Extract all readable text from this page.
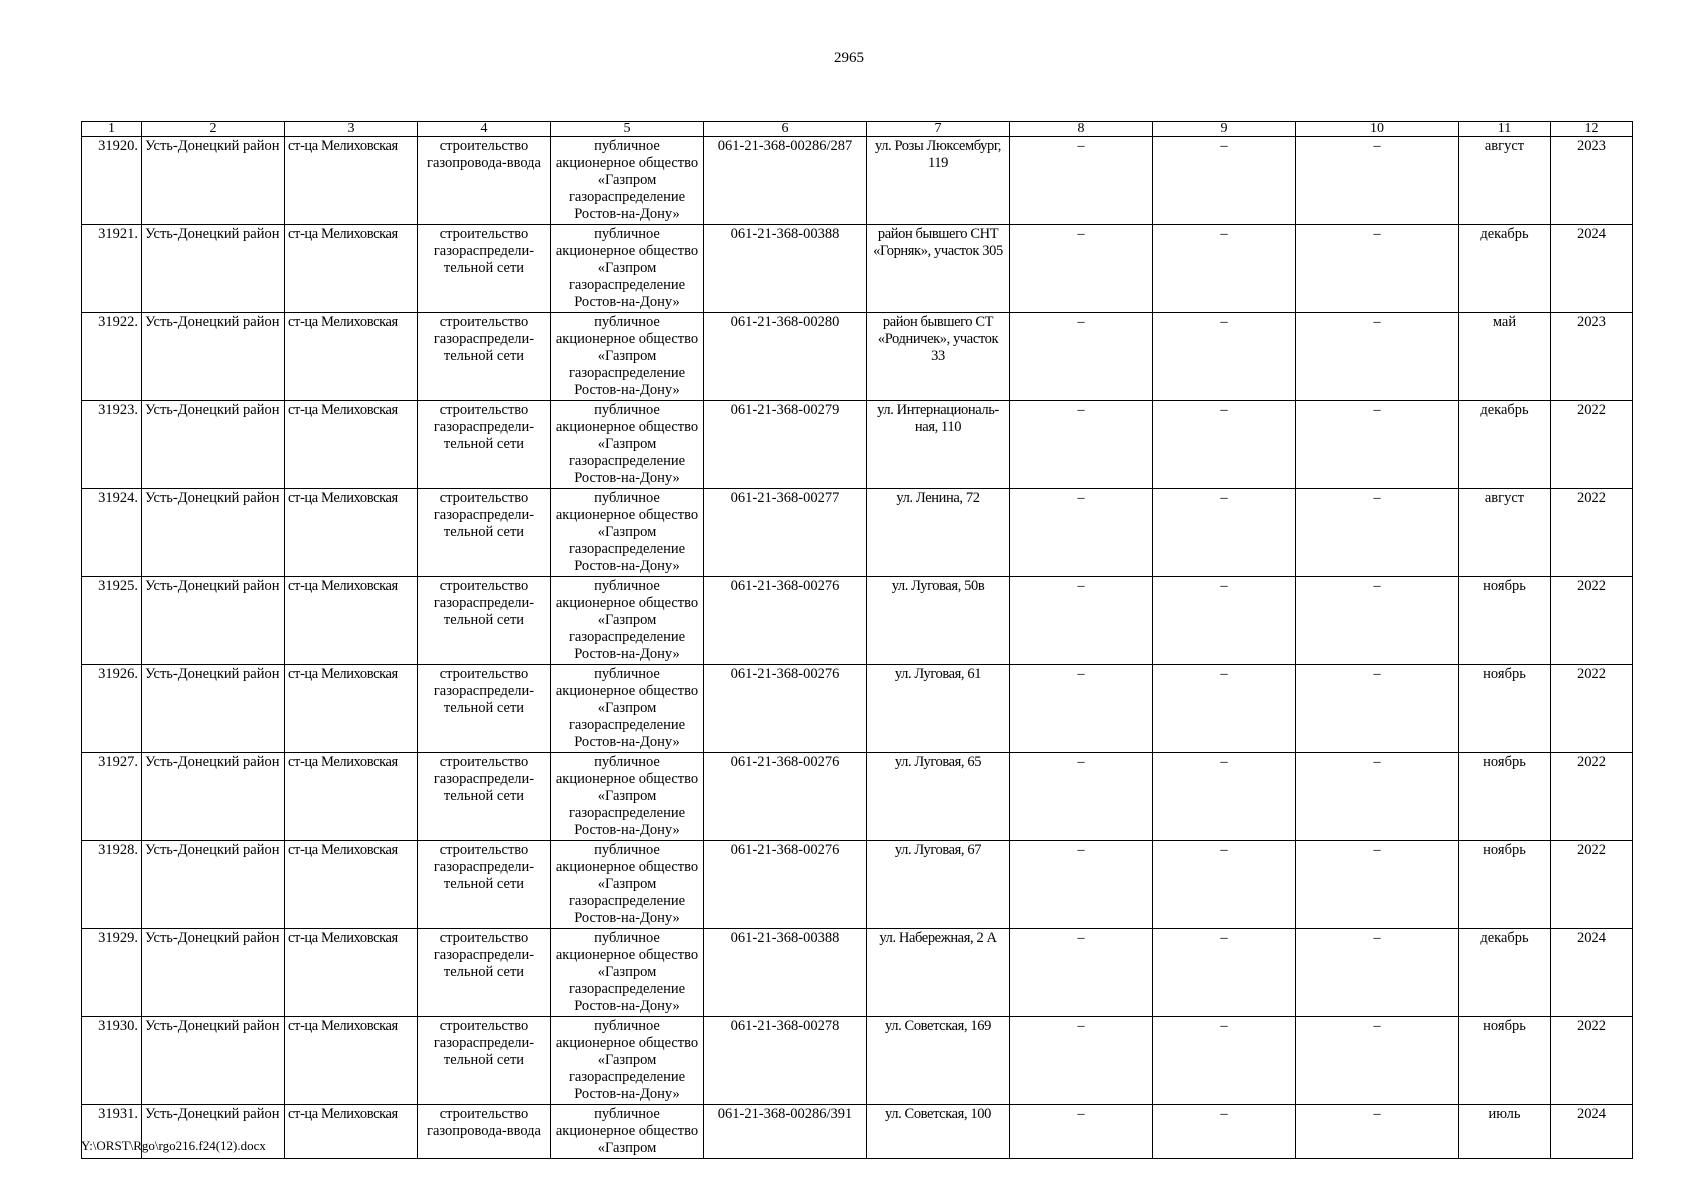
2965
1	2	3	4	5	6	7	8	9	10	11	12
31920.	Усть-Донецкий район	ст-ца Мелиховская	строительство газопровода-ввода	публичное акционерное общество «Газпром газораспределение Ростов-на-Дону»	061-21-368-00286/287	ул. Розы Люксембург, 119	–	–	–	август	2023
31921.	Усть-Донецкий район	ст-ца Мелиховская	строительство газораспредели-тельной сети	публичное акционерное общество «Газпром газораспределение Ростов-на-Дону»	061-21-368-00388	район бывшего СНТ «Горняк», участок 305	–	–	–	декабрь	2024
31922.	Усть-Донецкий район	ст-ца Мелиховская	строительство газораспредели-тельной сети	публичное акционерное общество «Газпром газораспределение Ростов-на-Дону»	061-21-368-00280	район бывшего СТ «Родничек», участок 33	–	–	–	май	2023
31923.	Усть-Донецкий район	ст-ца Мелиховская	строительство газораспредели-тельной сети	публичное акционерное общество «Газпром газораспределение Ростов-на-Дону»	061-21-368-00279	ул. Интернациональ-ная, 110	–	–	–	декабрь	2022
31924.	Усть-Донецкий район	ст-ца Мелиховская	строительство газораспредели-тельной сети	публичное акционерное общество «Газпром газораспределение Ростов-на-Дону»	061-21-368-00277	ул. Ленина, 72	–	–	–	август	2022
31925.	Усть-Донецкий район	ст-ца Мелиховская	строительство газораспредели-тельной сети	публичное акционерное общество «Газпром газораспределение Ростов-на-Дону»	061-21-368-00276	ул. Луговая, 50в	–	–	–	ноябрь	2022
31926.	Усть-Донецкий район	ст-ца Мелиховская	строительство газораспредели-тельной сети	публичное акционерное общество «Газпром газораспределение Ростов-на-Дону»	061-21-368-00276	ул. Луговая, 61	–	–	–	ноябрь	2022
31927.	Усть-Донецкий район	ст-ца Мелиховская	строительство газораспредели-тельной сети	публичное акционерное общество «Газпром газораспределение Ростов-на-Дону»	061-21-368-00276	ул. Луговая, 65	–	–	–	ноябрь	2022
31928.	Усть-Донецкий район	ст-ца Мелиховская	строительство газораспредели-тельной сети	публичное акционерное общество «Газпром газораспределение Ростов-на-Дону»	061-21-368-00276	ул. Луговая, 67	–	–	–	ноябрь	2022
31929.	Усть-Донецкий район	ст-ца Мелиховская	строительство газораспредели-тельной сети	публичное акционерное общество «Газпром газораспределение Ростов-на-Дону»	061-21-368-00388	ул. Набережная, 2 А	–	–	–	декабрь	2024
31930.	Усть-Донецкий район	ст-ца Мелиховская	строительство газораспредели-тельной сети	публичное акционерное общество «Газпром газораспределение Ростов-на-Дону»	061-21-368-00278	ул. Советская, 169	–	–	–	ноябрь	2022
31931.	Усть-Донецкий район	ст-ца Мелиховская	строительство газопровода-ввода	публичное акционерное общество «Газпром	061-21-368-00286/391	ул. Советская, 100	–	–	–	июль	2024
Y:\ORST\Rgo\rgo216.f24(12).docx
